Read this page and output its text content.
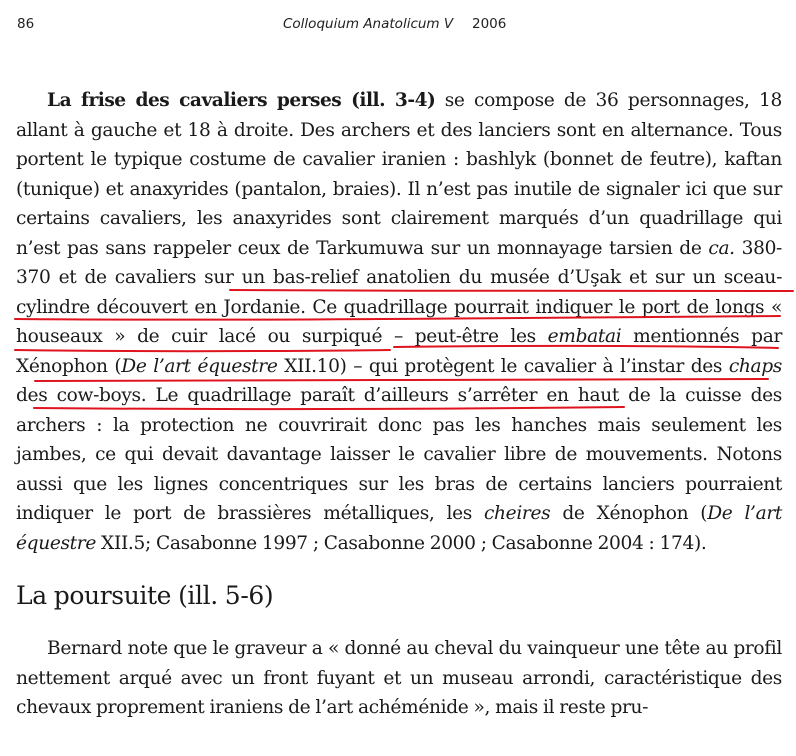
86	Colloquium Anatolicum V 2006

La frise des cavaliers perses (ill. 3-4) se compose de 36 personnages, 18 allant à gauche et 18 à droite. Des archers et des lanciers sont en alternance. Tous portent le typique costume de cavalier iranien : bashlyk (bonnet de feutre), kaftan (tunique) et anaxyrides (pantalon, braies). Il n’est pas inutile de signaler ici que sur certains cavaliers, les anaxyrides sont clairement marqués d’un quadrillage qui n’est pas sans rappeler ceux de Tarkumuwa sur un monnayage tarsien de ca. 380-370 et de cavaliers sur un bas-relief anatolien du musée d’Uşak et sur un sceau-cylindre découvert en Jordanie. Ce quadrillage pourrait indiquer le port de longs « houseaux » de cuir lacé ou surpiqué – peut-être les embatai mentionnés par Xénophon (De l’art équestre XII.10) – qui protègent le cavalier à l’instar des chaps des cow-boys. Le quadrillage paraît d’ailleurs s’arrêter en haut de la cuisse des archers : la protection ne couvrirait donc pas les hanches mais seulement les jambes, ce qui devait davantage laisser le cavalier libre de mouvements. Notons aussi que les lignes concentriques sur les bras de certains lanciers pourraient indiquer le port de brassières métalliques, les cheires de Xénophon (De l’art équestre XII.5; Casabonne 1997 ; Casabonne 2000 ; Casabonne 2004 : 174).

La poursuite (ill. 5-6)

Bernard note que le graveur a « donné au cheval du vainqueur une tête au profil nettement arqué avec un front fuyant et un museau arrondi, caractéristique des chevaux proprement iraniens de l’art achéménide », mais il reste pru-
